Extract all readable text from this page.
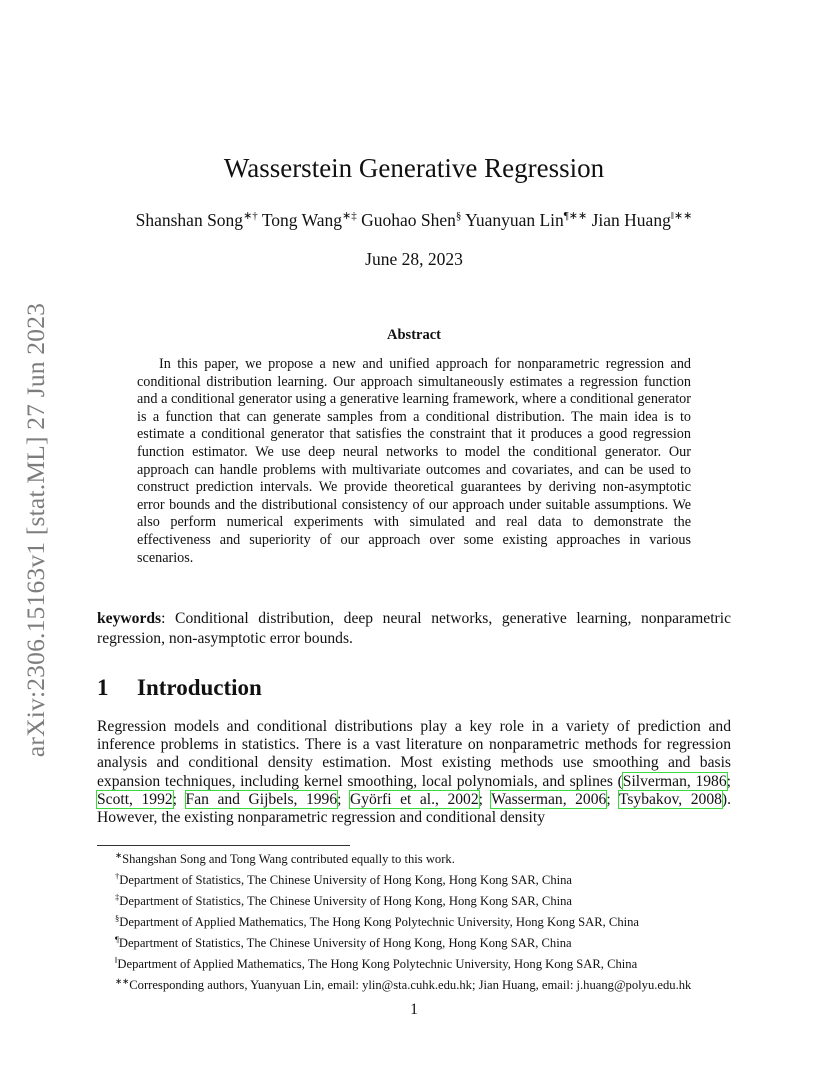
arXiv:2306.15163v1 [stat.ML] 27 Jun 2023
Wasserstein Generative Regression
Shanshan Song∗† Tong Wang∗‡ Guohao Shen§ Yuanyuan Lin¶∗∗ Jian Huang‖∗∗
June 28, 2023
Abstract
In this paper, we propose a new and unified approach for nonparametric regression and conditional distribution learning. Our approach simultaneously estimates a regression function and a conditional generator using a generative learning framework, where a conditional generator is a function that can generate samples from a conditional distribution. The main idea is to estimate a conditional generator that satisfies the constraint that it produces a good regression function estimator. We use deep neural networks to model the conditional generator. Our approach can handle problems with multivariate outcomes and covariates, and can be used to construct prediction intervals. We provide theoretical guarantees by deriving non-asymptotic error bounds and the distributional consistency of our approach under suitable assumptions. We also perform numerical experiments with simulated and real data to demonstrate the effectiveness and superiority of our approach over some existing approaches in various scenarios.
keywords: Conditional distribution, deep neural networks, generative learning, nonparametric regression, non-asymptotic error bounds.
1 Introduction
Regression models and conditional distributions play a key role in a variety of prediction and inference problems in statistics. There is a vast literature on nonparametric methods for regression analysis and conditional density estimation. Most existing methods use smoothing and basis expansion techniques, including kernel smoothing, local polynomials, and splines (Silverman, 1986; Scott, 1992; Fan and Gijbels, 1996; Györfi et al., 2002; Wasserman, 2006; Tsybakov, 2008). However, the existing nonparametric regression and conditional density
∗Shangshan Song and Tong Wang contributed equally to this work.
†Department of Statistics, The Chinese University of Hong Kong, Hong Kong SAR, China
‡Department of Statistics, The Chinese University of Hong Kong, Hong Kong SAR, China
§Department of Applied Mathematics, The Hong Kong Polytechnic University, Hong Kong SAR, China
¶Department of Statistics, The Chinese University of Hong Kong, Hong Kong SAR, China
‖Department of Applied Mathematics, The Hong Kong Polytechnic University, Hong Kong SAR, China
∗∗Corresponding authors, Yuanyuan Lin, email: ylin@sta.cuhk.edu.hk; Jian Huang, email: j.huang@polyu.edu.hk
1
